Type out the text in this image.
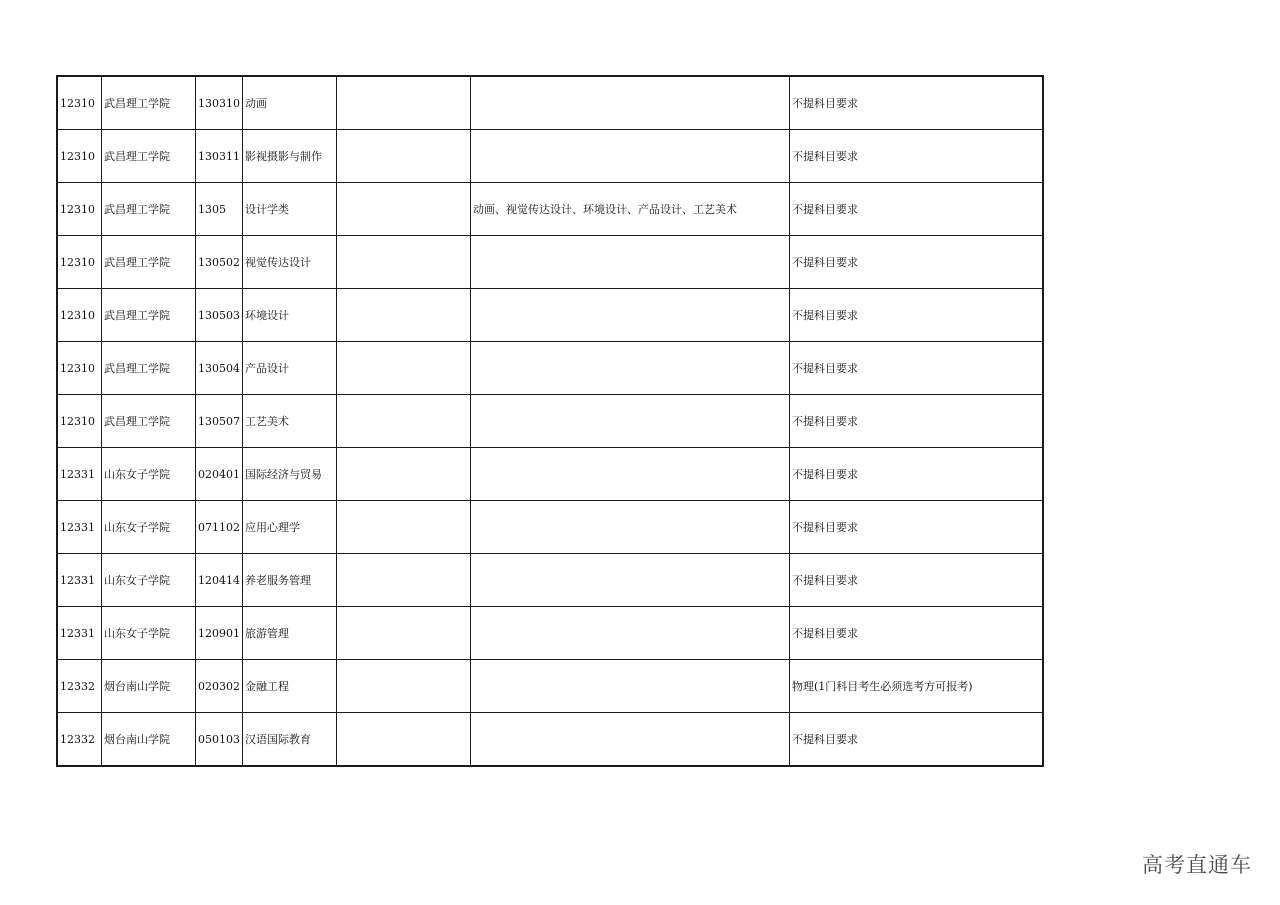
12310	武昌理工学院	130310	动画			不提科目要求
12310	武昌理工学院	130311	影视摄影与制作			不提科目要求
12310	武昌理工学院	1305	设计学类		动画、视觉传达设计、环境设计、产品设计、工艺美术	不提科目要求
12310	武昌理工学院	130502	视觉传达设计			不提科目要求
12310	武昌理工学院	130503	环境设计			不提科目要求
12310	武昌理工学院	130504	产品设计			不提科目要求
12310	武昌理工学院	130507	工艺美术			不提科目要求
12331	山东女子学院	020401	国际经济与贸易			不提科目要求
12331	山东女子学院	071102	应用心理学			不提科目要求
12331	山东女子学院	120414	养老服务管理			不提科目要求
12331	山东女子学院	120901	旅游管理			不提科目要求
12332	烟台南山学院	020302	金融工程			物理(1门科目考生必须选考方可报考)
12332	烟台南山学院	050103	汉语国际教育			不提科目要求
高考直通车
